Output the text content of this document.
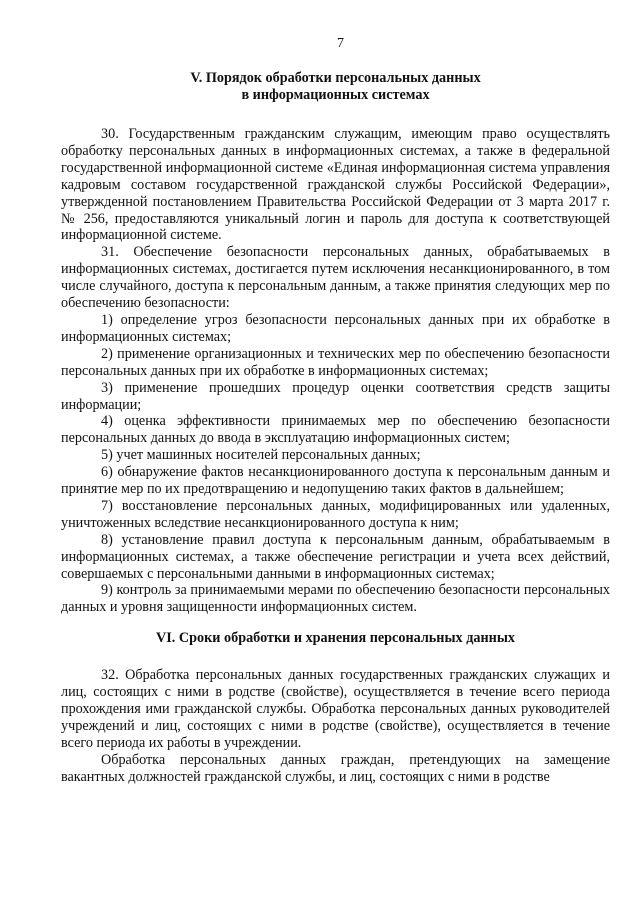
7
V. Порядок обработки персональных данных
в информационных системах

30. Государственным гражданским служащим, имеющим право осуществлять обработку персональных данных в информационных системах, а также в федеральной государственной информационной системе «Единая информационная система управления кадровым составом государственной гражданской службы Российской Федерации», утвержденной постановлением Правительства Российской Федерации от 3 марта 2017 г. № 256, предоставляются уникальный логин и пароль для доступа к соответствующей информационной системе.

31. Обеспечение безопасности персональных данных, обрабатываемых в информационных системах, достигается путем исключения несанкционированного, в том числе случайного, доступа к персональным данным, а также принятия следующих мер по обеспечению безопасности:

1) определение угроз безопасности персональных данных при их обработке в информационных системах;

2) применение организационных и технических мер по обеспечению безопасности персональных данных при их обработке в информационных системах;

3) применение прошедших процедур оценки соответствия средств защиты информации;

4) оценка эффективности принимаемых мер по обеспечению безопасности персональных данных до ввода в эксплуатацию информационных систем;

5) учет машинных носителей персональных данных;

6) обнаружение фактов несанкционированного доступа к персональным данным и принятие мер по их предотвращению и недопущению таких фактов в дальнейшем;

7) восстановление персональных данных, модифицированных или удаленных, уничтоженных вследствие несанкционированного доступа к ним;

8) установление правил доступа к персональным данным, обрабатываемым в информационных системах, а также обеспечение регистрации и учета всех действий, совершаемых с персональными данными в информационных системах;

9) контроль за принимаемыми мерами по обеспечению безопасности персональных данных и уровня защищенности информационных систем.

VI. Сроки обработки и хранения персональных данных

32. Обработка персональных данных государственных гражданских служащих и лиц, состоящих с ними в родстве (свойстве), осуществляется в течение всего периода прохождения ими гражданской службы. Обработка персональных данных руководителей учреждений и лиц, состоящих с ними в родстве (свойстве), осуществляется в течение всего периода их работы в учреждении.

Обработка персональных данных граждан, претендующих на замещение вакантных должностей гражданской службы, и лиц, состоящих с ними в родстве
